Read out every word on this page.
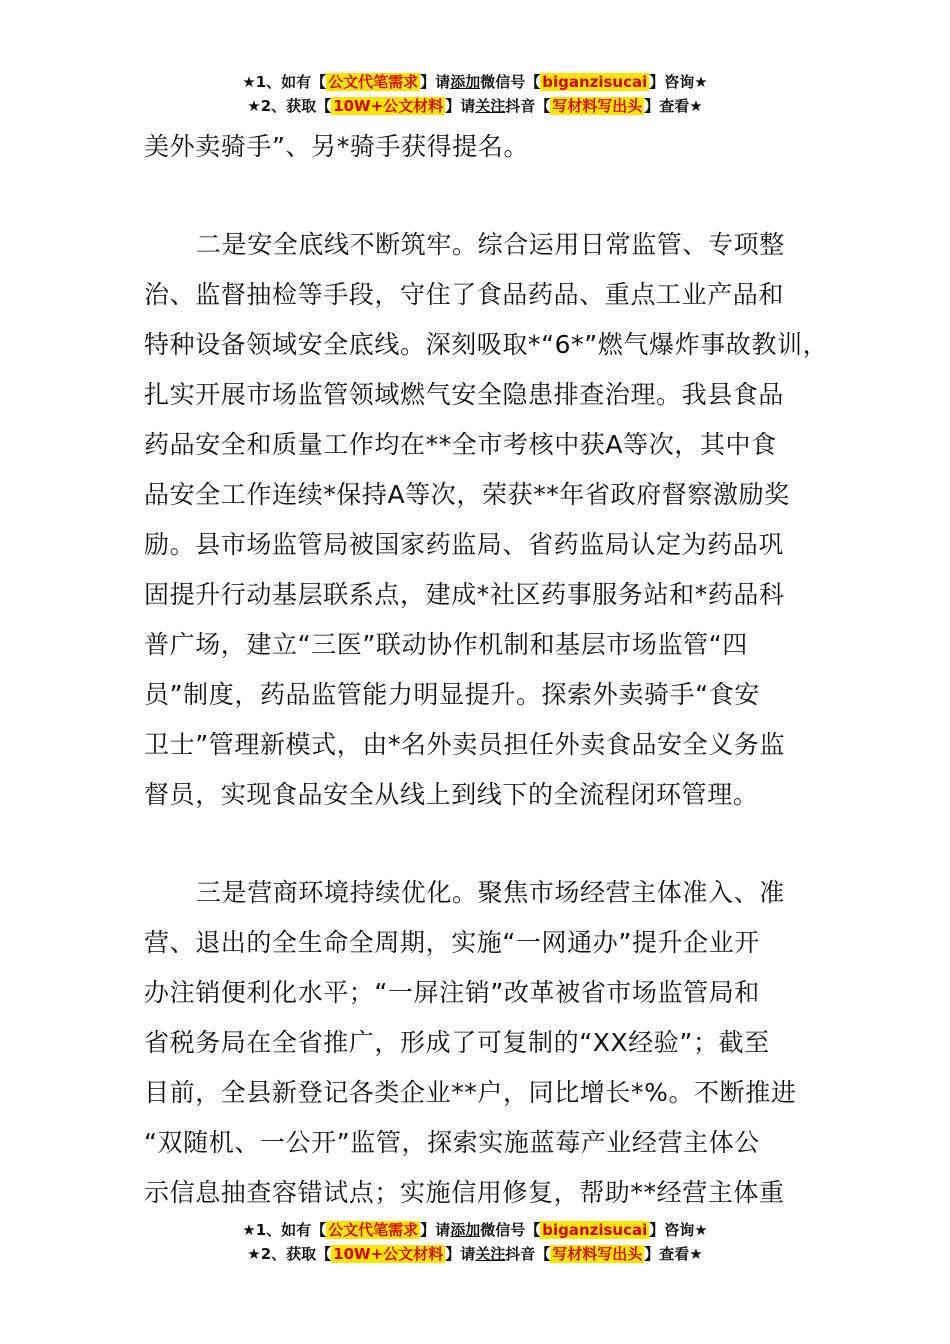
★1、如有【 公文代笔需求 】请添加微信号【 biganzisucai 】咨询★
★2、获取【 10W+公文材料 】请关注抖音【 写材料写出头 】查看★
美外卖骑手”、另*骑手获得提名。
二是安全底线不断筑牢。综合运用日常监管、专项整
治、监督抽检等手段，守住了食品药品、重点工业产品和
特种设备领域安全底线。深刻吸取*“6*”燃气爆炸事故教训，
扎实开展市场监管领域燃气安全隐患排查治理。我县食品
药品安全和质量工作均在**全市考核中获A等次，其中食
品安全工作连续*保持A等次，荣获**年省政府督察激励奖
励。县市场监管局被国家药监局、省药监局认定为药品巩
固提升行动基层联系点，建成*社区药事服务站和*药品科
普广场，建立“三医”联动协作机制和基层市场监管“四
员”制度，药品监管能力明显提升。探索外卖骑手“食安
卫士”管理新模式，由*名外卖员担任外卖食品安全义务监
督员，实现食品安全从线上到线下的全流程闭环管理。
三是营商环境持续优化。聚焦市场经营主体准入、准
营、退出的全生命全周期，实施“一网通办”提升企业开
办注销便利化水平；“一屏注销”改革被省市场监管局和
省税务局在全省推广，形成了可复制的“XX经验”；截至
目前，全县新登记各类企业**户，同比增长*%。不断推进
“双随机、一公开”监管，探索实施蓝莓产业经营主体公
示信息抽查容错试点；实施信用修复，帮助**经营主体重
★1、如有【 公文代笔需求 】请添加微信号【 biganzisucai 】咨询★
★2、获取【 10W+公文材料 】请关注抖音【 写材料写出头 】查看★
